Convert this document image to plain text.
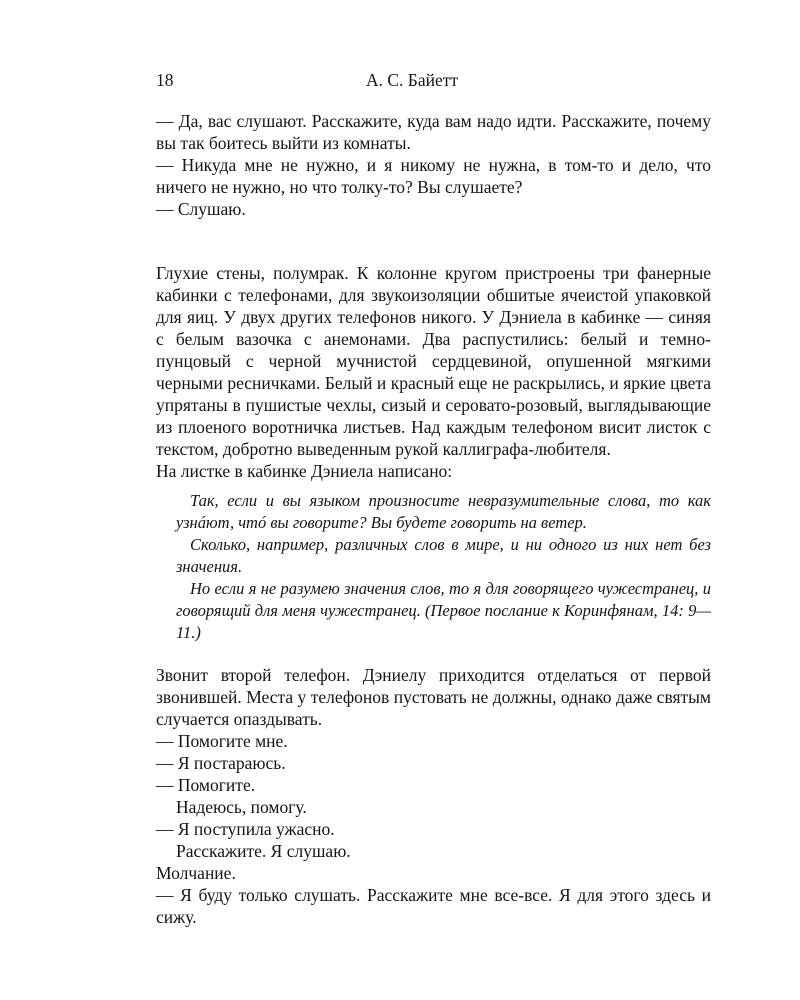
18	А. С. Байетт

— Да, вас слушают. Расскажите, куда вам надо идти. Расскажите, почему вы так боитесь выйти из комнаты.

— Никуда мне не нужно, и я никому не нужна, в том-то и дело, что ничего не нужно, но что толку-то? Вы слушаете?

— Слушаю.

Глухие стены, полумрак. К колонне кругом пристроены три фанерные кабинки с телефонами, для звукоизоляции обшитые ячеистой упаковкой для яиц. У двух других телефонов никого. У Дэниела в кабинке — синяя с белым вазочка с анемонами. Два распустились: белый и темно-пунцовый с черной мучнистой сердцевиной, опушенной мягкими черными ресничками. Белый и красный еще не раскрылись, и яркие цвета упрятаны в пушистые чехлы, сизый и серовато-розовый, выглядывающие из плоеного воротничка листьев. Над каждым телефоном висит листок с текстом, добротно выведенным рукой каллиграфа-любителя.

На листке в кабинке Дэниела написано:

Так, если и вы языком произносите невразумительные слова, то как узнáют, чтó вы говорите? Вы будете говорить на ветер.

Сколько, например, различных слов в мире, и ни одного из них нет без значения.

Но если я не разумею значения слов, то я для говорящего чужестранец, и говорящий для меня чужестранец. (Первое послание к Коринфянам, 14: 9—11.)

Звонит второй телефон. Дэниелу приходится отделаться от первой звонившей. Места у телефонов пустовать не должны, однако даже святым случается опаздывать.

— Помогите мне.

— Я постараюсь.

— Помогите.

Надеюсь, помогу.

— Я поступила ужасно.

Расскажите. Я слушаю.

Молчание.

— Я буду только слушать. Расскажите мне все-все. Я для этого здесь и сижу.
